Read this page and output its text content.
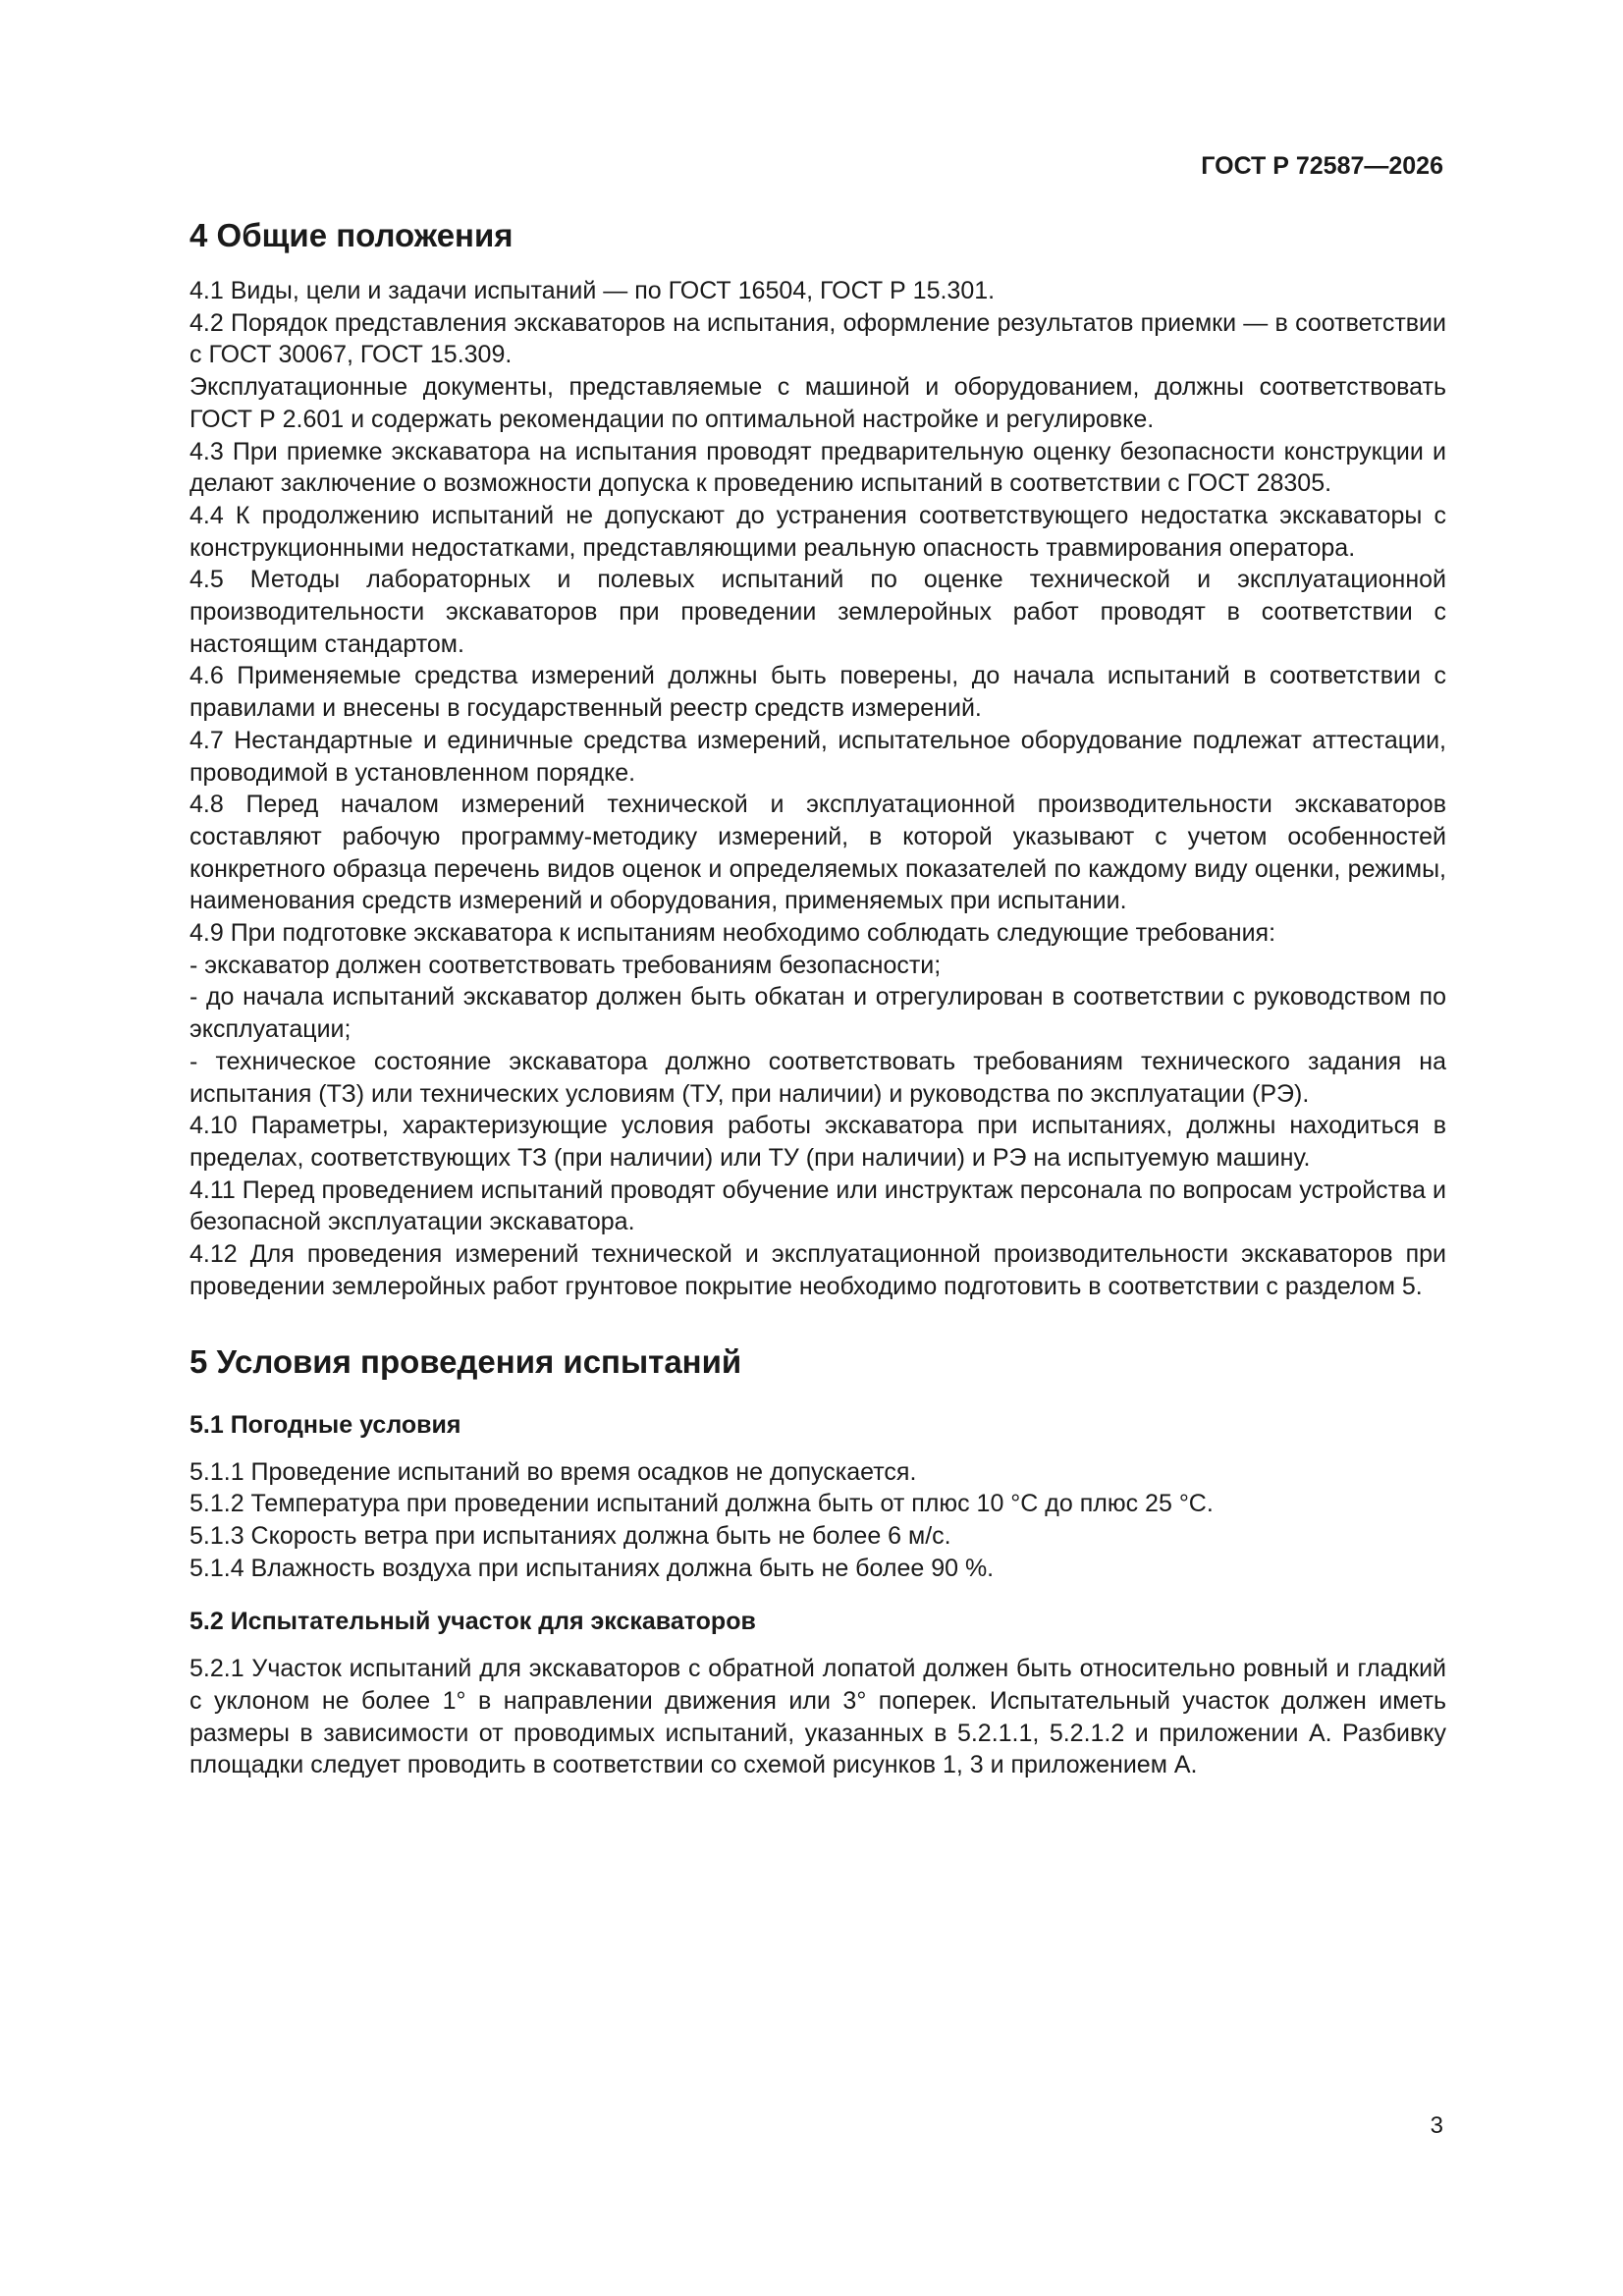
ГОСТ Р 72587—2026
4 Общие положения

4.1 Виды, цели и задачи испытаний — по ГОСТ 16504, ГОСТ Р 15.301.

4.2 Порядок представления экскаваторов на испытания, оформление результатов приемки — в соответствии с ГОСТ 30067, ГОСТ 15.309.

Эксплуатационные документы, представляемые с машиной и оборудованием, должны соответствовать ГОСТ Р 2.601 и содержать рекомендации по оптимальной настройке и регулировке.

4.3 При приемке экскаватора на испытания проводят предварительную оценку безопасности конструкции и делают заключение о возможности допуска к проведению испытаний в соответствии с ГОСТ 28305.

4.4 К продолжению испытаний не допускают до устранения соответствующего недостатка экскаваторы с конструкционными недостатками, представляющими реальную опасность травмирования оператора.

4.5 Методы лабораторных и полевых испытаний по оценке технической и эксплуатационной производительности экскаваторов при проведении землеройных работ проводят в соответствии с настоящим стандартом.

4.6 Применяемые средства измерений должны быть поверены, до начала испытаний в соответствии с правилами и внесены в государственный реестр средств измерений.

4.7 Нестандартные и единичные средства измерений, испытательное оборудование подлежат аттестации, проводимой в установленном порядке.

4.8 Перед началом измерений технической и эксплуатационной производительности экскаваторов составляют рабочую программу-методику измерений, в которой указывают с учетом особенностей конкретного образца перечень видов оценок и определяемых показателей по каждому виду оценки, режимы, наименования средств измерений и оборудования, применяемых при испытании.

4.9 При подготовке экскаватора к испытаниям необходимо соблюдать следующие требования:

- экскаватор должен соответствовать требованиям безопасности;

- до начала испытаний экскаватор должен быть обкатан и отрегулирован в соответствии с руководством по эксплуатации;

- техническое состояние экскаватора должно соответствовать требованиям технического задания на испытания (ТЗ) или технических условиям (ТУ, при наличии) и руководства по эксплуатации (РЭ).

4.10 Параметры, характеризующие условия работы экскаватора при испытаниях, должны находиться в пределах, соответствующих ТЗ (при наличии) или ТУ (при наличии) и РЭ на испытуемую машину.

4.11 Перед проведением испытаний проводят обучение или инструктаж персонала по вопросам устройства и безопасной эксплуатации экскаватора.

4.12 Для проведения измерений технической и эксплуатационной производительности экскаваторов при проведении землеройных работ грунтовое покрытие необходимо подготовить в соответствии с разделом 5.

5 Условия проведения испытаний
5.1 Погодные условия

5.1.1 Проведение испытаний во время осадков не допускается.

5.1.2 Температура при проведении испытаний должна быть от плюс 10 °С до плюс 25 °С.

5.1.3 Скорость ветра при испытаниях должна быть не более 6 м/с.

5.1.4 Влажность воздуха при испытаниях должна быть не более 90 %.

5.2 Испытательный участок для экскаваторов

5.2.1 Участок испытаний для экскаваторов с обратной лопатой должен быть относительно ровный и гладкий с уклоном не более 1° в направлении движения или 3° поперек. Испытательный участок должен иметь размеры в зависимости от проводимых испытаний, указанных в 5.2.1.1, 5.2.1.2 и приложении А. Разбивку площадки следует проводить в соответствии со схемой рисунков 1, 3 и приложением А.

3
